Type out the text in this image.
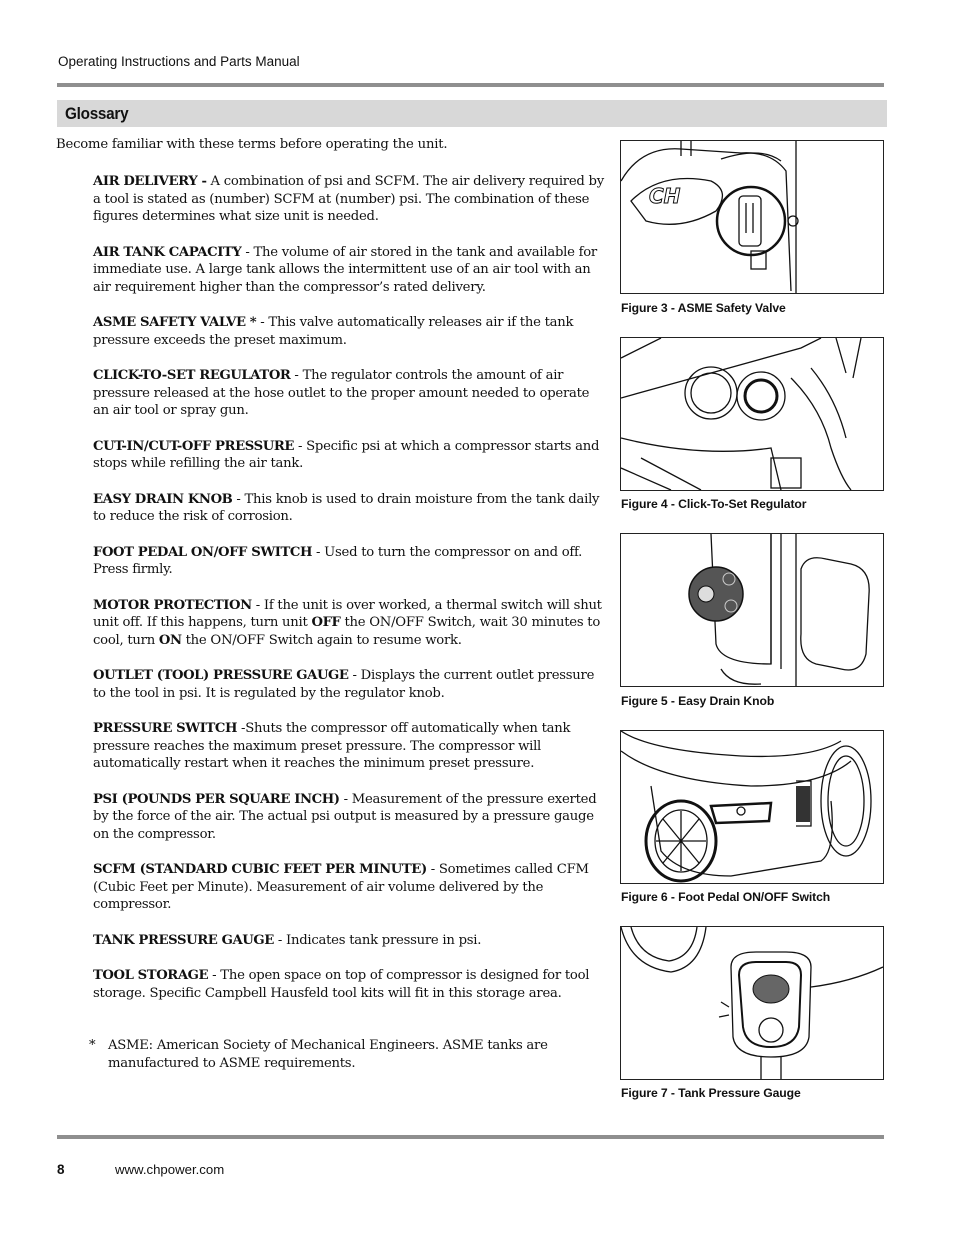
Operating Instructions and Parts Manual
Glossary
Become familiar with these terms before operating the unit.

AIR DELIVERY - A combination of psi and SCFM. The air delivery required by a tool is stated as (number) SCFM at (number) psi. The combination of these figures determines what size unit is needed.

AIR TANK CAPACITY - The volume of air stored in the tank and available for immediate use. A large tank allows the intermittent use of an air tool with an air requirement higher than the compressor’s rated delivery.

ASME SAFETY VALVE * - This valve automatically releases air if the tank pressure exceeds the preset maximum.

CLICK-TO-SET REGULATOR - The regulator controls the amount of air pressure released at the hose outlet to the proper amount needed to operate an air tool or spray gun.

CUT-IN/CUT-OFF PRESSURE - Specific psi at which a compressor starts and stops while refilling the air tank.

EASY DRAIN KNOB - This knob is used to drain moisture from the tank daily to reduce the risk of corrosion.

FOOT PEDAL ON/OFF SWITCH - Used to turn the compressor on and off. Press firmly.

MOTOR PROTECTION - If the unit is over worked, a thermal switch will shut unit off. If this happens, turn unit OFF the ON/OFF Switch, wait 30 minutes to cool, turn ON the ON/OFF Switch again to resume work.

OUTLET (TOOL) PRESSURE GAUGE - Displays the current outlet pressure to the tool in psi. It is regulated by the regulator knob.

PRESSURE SWITCH -Shuts the compressor off automatically when tank pressure reaches the maximum preset pressure. The compressor will automatically restart when it reaches the minimum preset pressure.

PSI (POUNDS PER SQUARE INCH) - Measurement of the pressure exerted by the force of the air. The actual psi output is measured by a pressure gauge on the compressor.

SCFM (STANDARD CUBIC FEET PER MINUTE) - Sometimes called CFM (Cubic Feet per Minute). Measurement of air volume delivered by the compressor.

TANK PRESSURE GAUGE - Indicates tank pressure in psi.

TOOL STORAGE - The open space on top of compressor is designed for tool storage. Specific Campbell Hausfeld tool kits will fit in this storage area.

* ASME: American Society of Mechanical Engineers. ASME tanks are manufactured to ASME requirements.
CH
Figure 3 - ASME Safety Valve
Figure 4 - Click-To-Set Regulator
Figure 5 - Easy Drain Knob
Figure 6 - Foot Pedal ON/OFF Switch
Figure 7 - Tank Pressure Gauge
8	www.chpower.com
